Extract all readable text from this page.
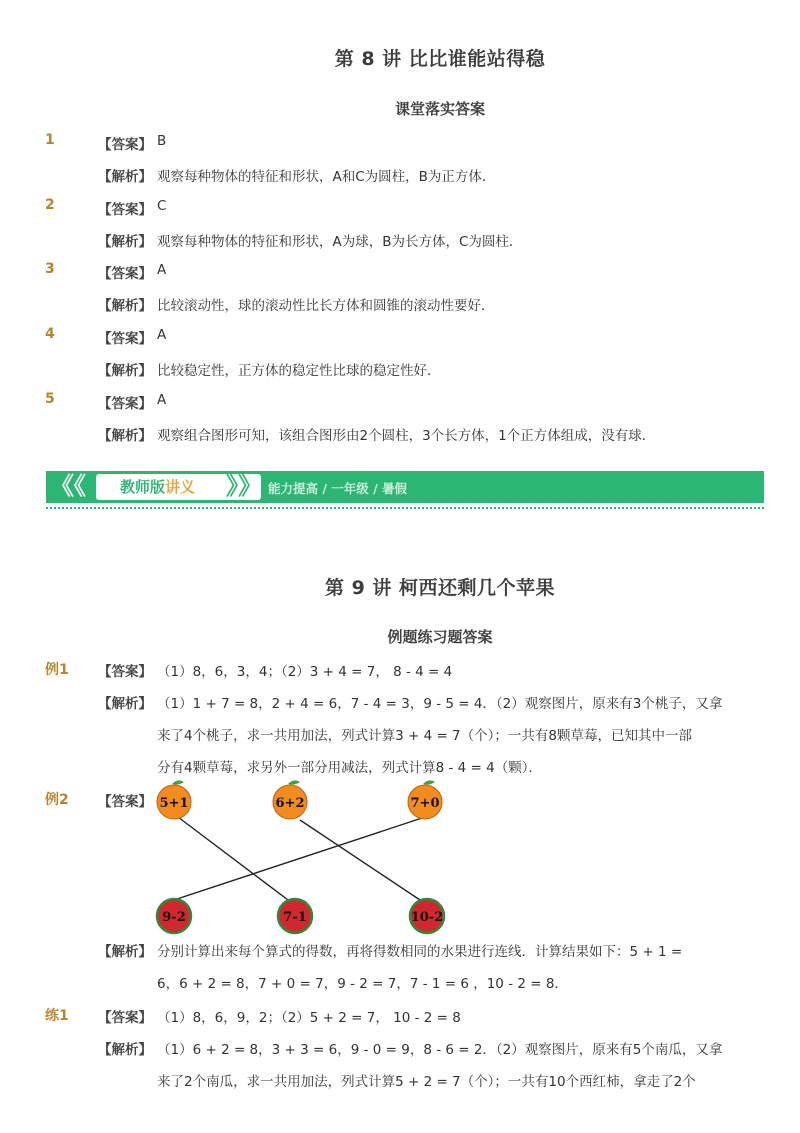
第 8 讲 比比谁能站得稳
课堂落实答案
1	【答案】 B
【解析】 观察每种物体的特征和形状，A和C为圆柱，B为正方体．
2	【答案】 C
【解析】 观察每种物体的特征和形状，A为球，B为长方体，C为圆柱．
3	【答案】 A
【解析】 比较滚动性，球的滚动性比长方体和圆锥的滚动性要好．
4	【答案】 A
【解析】 比较稳定性，正方体的稳定性比球的稳定性好．
5	【答案】 A
【解析】 观察组合图形可知，该组合图形由2个圆柱，3个长方体，1个正方体组成，没有球．
《《 教师版讲义 》》 能力提高 / 一年级 / 暑假
第 9 讲 柯西还剩几个苹果
例题练习题答案
例1 【答案】 （1）8，6，3，4；（2）3 + 4 = 7， 8 - 4 = 4
【解析】 （1）1 + 7 = 8，2 + 4 = 6，7 - 4 = 3，9 - 5 = 4．（2）观察图片，原来有3个桃子，又拿
来了4个桃子，求一共用加法，列式计算3 + 4 = 7（个）；一共有8颗草莓，已知其中一部
分有4颗草莓，求另外一部分用减法，列式计算8 - 4 = 4（颗）．
例2 【答案】 5+1	6+2	7+0
9-2	7-1	10-2
【解析】 分别计算出来每个算式的得数，再将得数相同的水果进行连线．计算结果如下：5 + 1 =
6，6 + 2 = 8，7 + 0 = 7，9 - 2 = 7，7 - 1 = 6 ，10 - 2 = 8．
练1 【答案】 （1）8，6，9，2；（2）5 + 2 = 7， 10 - 2 = 8
【解析】 （1）6 + 2 = 8，3 + 3 = 6，9 - 0 = 9，8 - 6 = 2．（2）观察图片，原来有5个南瓜，又拿
来了2个南瓜，求一共用加法，列式计算5 + 2 = 7（个）；一共有10个西红柿，拿走了2个
